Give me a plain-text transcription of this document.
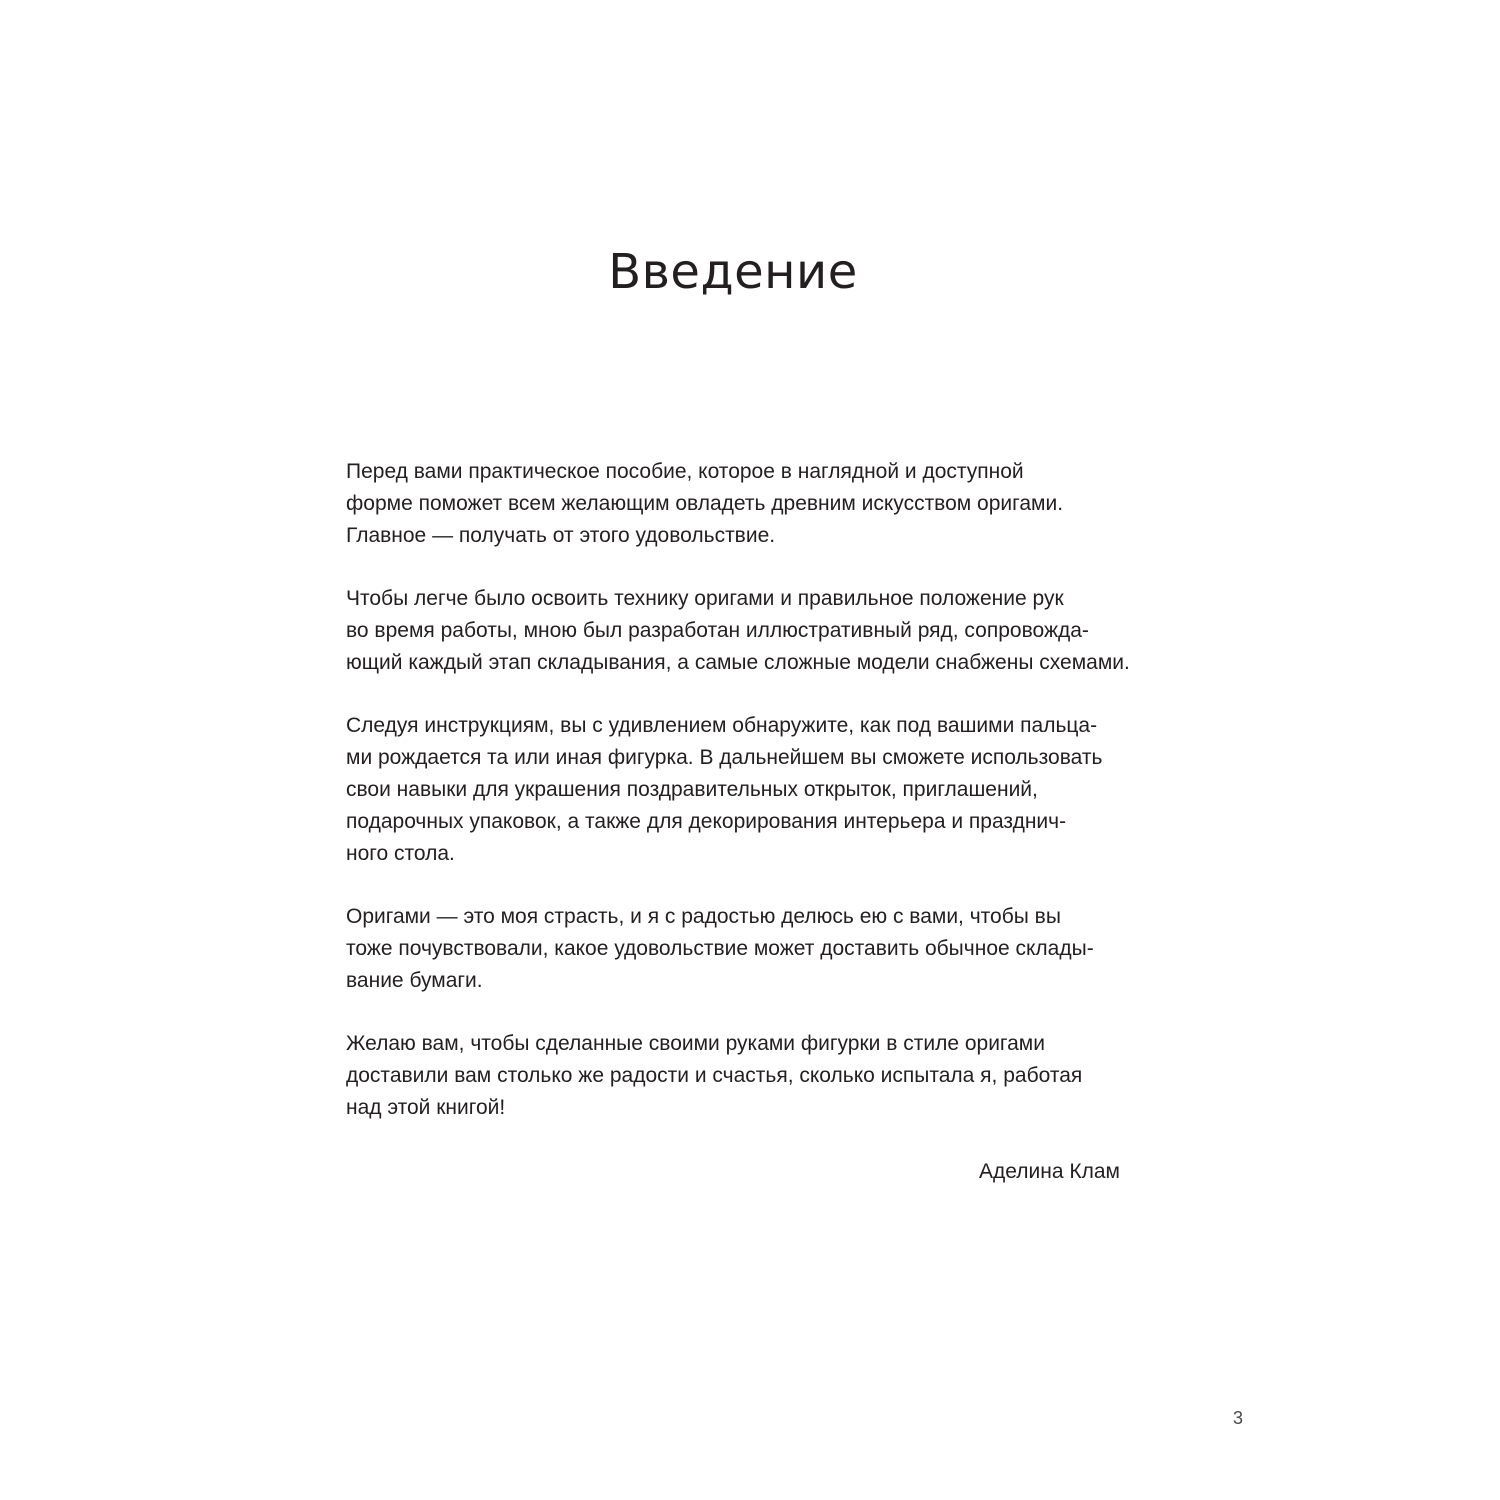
Введение

Перед вами практическое пособие, которое в наглядной и доступной
форме поможет всем желающим овладеть древним искусством оригами.
Главное — получать от этого удовольствие.

Чтобы легче было освоить технику оригами и правильное положение рук
во время работы, мною был разработан иллюстративный ряд, сопровожда-
ющий каждый этап складывания, а самые сложные модели снабжены схемами.

Следуя инструкциям, вы с удивлением обнаружите, как под вашими пальца-
ми рождается та или иная фигурка. В дальнейшем вы сможете использовать
свои навыки для украшения поздравительных открыток, приглашений,
подарочных упаковок, а также для декорирования интерьера и празднич-
ного стола.

Оригами — это моя страсть, и я с радостью делюсь ею с вами, чтобы вы
тоже почувствовали, какое удовольствие может доставить обычное склады-
вание бумаги.

Желаю вам, чтобы сделанные своими руками фигурки в стиле оригами
доставили вам столько же радости и счастья, сколько испытала я, работая
над этой книгой!

Аделина Клам
3
